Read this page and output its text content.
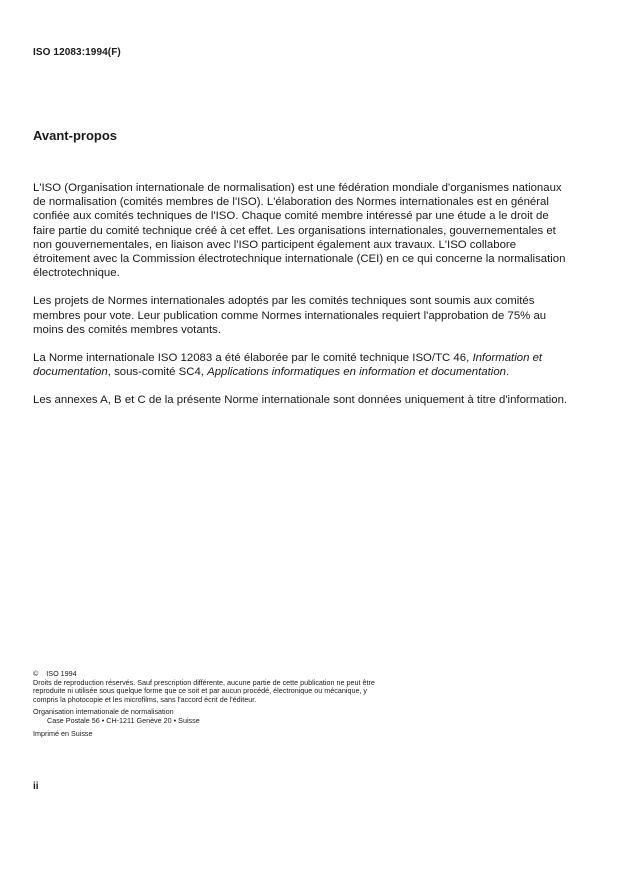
ISO 12083:1994(F)
Avant-propos

L'ISO (Organisation internationale de normalisation) est une fédération mondiale d'organismes nationaux de normalisation (comités membres de l'ISO). L'élaboration des Normes internationales est en général confiée aux comités techniques de l'ISO. Chaque comité membre intéressé par une étude a le droit de faire partie du comité technique créé à cet effet. Les organisations internationales, gouvernementales et non gouvernementales, en liaison avec l'ISO participent également aux travaux. L'ISO collabore étroitement avec la Commission électrotechnique internationale (CEI) en ce qui concerne la normalisation électrotechnique.

Les projets de Normes internationales adoptés par les comités techniques sont soumis aux comités membres pour vote. Leur publication comme Normes internationales requiert l'approbation de 75% au moins des comités membres votants.

La Norme internationale ISO 12083 a été élaborée par le comité technique ISO/TC 46, Information et documentation, sous-comité SC4, Applications informatiques en information et documentation.

Les annexes A, B et C de la présente Norme internationale sont données uniquement à titre d'information.

© ISO 1994

Droits de reproduction réservés. Sauf prescription différente, aucune partie de cette publication ne peut être reproduite ni utilisée sous quelque forme que ce soit et par aucun procédé, électronique ou mécanique, y compris la photocopie et les microfilms, sans l'accord écrit de l'éditeur.

Organisation internationale de normalisation

Case Postale 56 • CH-1211 Genève 20 • Suisse

Imprimé en Suisse

ii
